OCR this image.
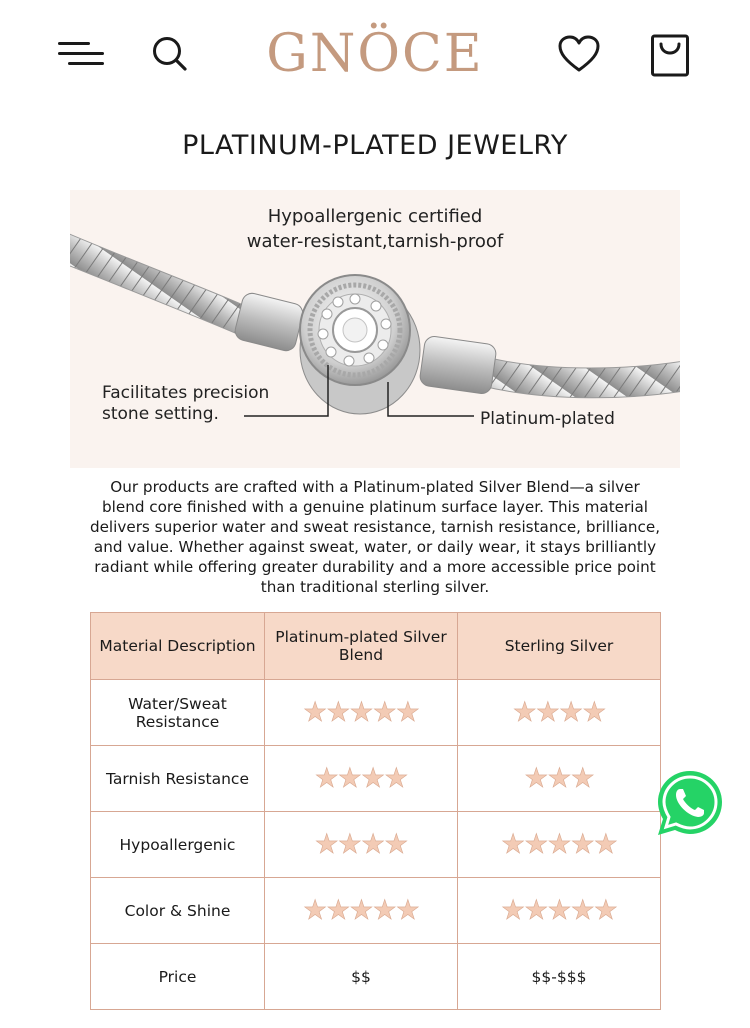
GNÖCE
PLATINUM-PLATED JEWELRY
Hypoallergenic certified
water-resistant,tarnish-proof
Facilitates precision
stone setting.	Platinum-plated

Our products are crafted with a Platinum-plated Silver Blend—a silver blend core finished with a genuine platinum surface layer. This material delivers superior water and sweat resistance, tarnish resistance, brilliance, and value. Whether against sweat, water, or daily wear, it stays brilliantly radiant while offering greater durability and a more accessible price point than traditional sterling silver.

Material Description	Platinum-plated Silver Blend	Sterling Silver
Water/Sweat Resistance	★★★★★	★★★★
Tarnish Resistance	★★★★	★★★
Hypoallergenic	★★★★	★★★★★
Color & Shine	★★★★★	★★★★★
Price	$$	$$-$$$
